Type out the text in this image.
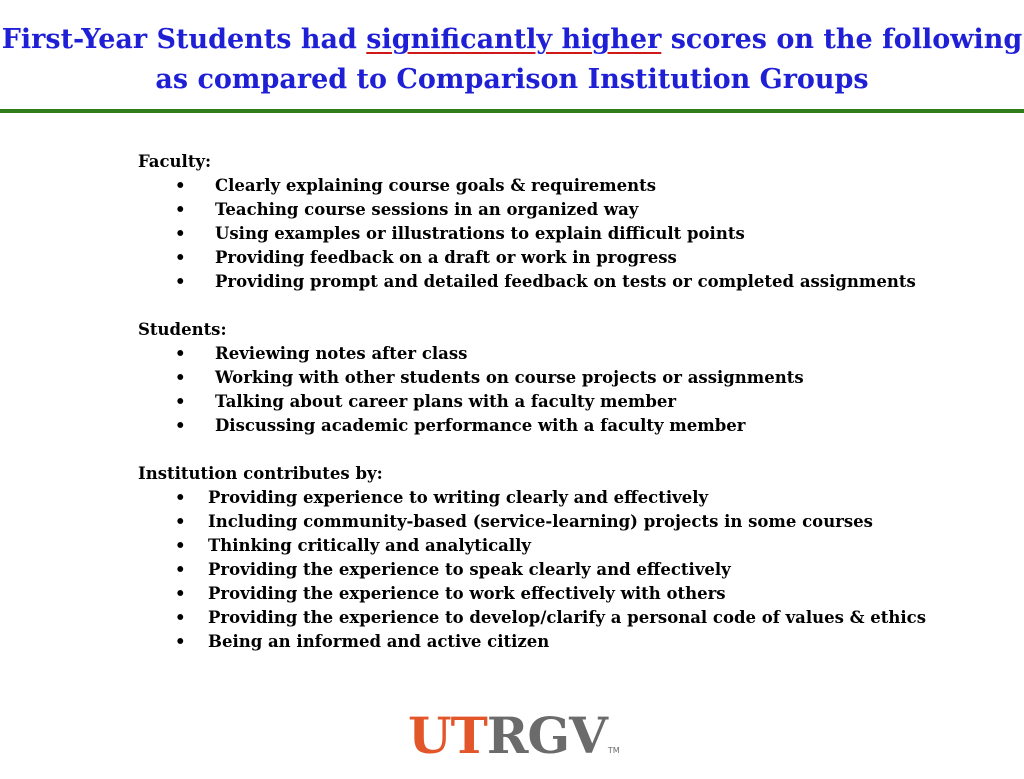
First-Year Students had significantly higher scores on the following as compared to Comparison Institution Groups
Faculty:
• Clearly explaining course goals & requirements
• Teaching course sessions in an organized way
• Using examples or illustrations to explain difficult points
• Providing feedback on a draft or work in progress
• Providing prompt and detailed feedback on tests or completed assignments
Students:
• Reviewing notes after class
• Working with other students on course projects or assignments
• Talking about career plans with a faculty member
• Discussing academic performance with a faculty member
Institution contributes by:
• Providing experience to writing clearly and effectively
• Including community-based (service-learning) projects in some courses
• Thinking critically and analytically
• Providing the experience to speak clearly and effectively
• Providing the experience to work effectively with others
• Providing the experience to develop/clarify a personal code of values & ethics
• Being an informed and active citizen
UTRGVTM
